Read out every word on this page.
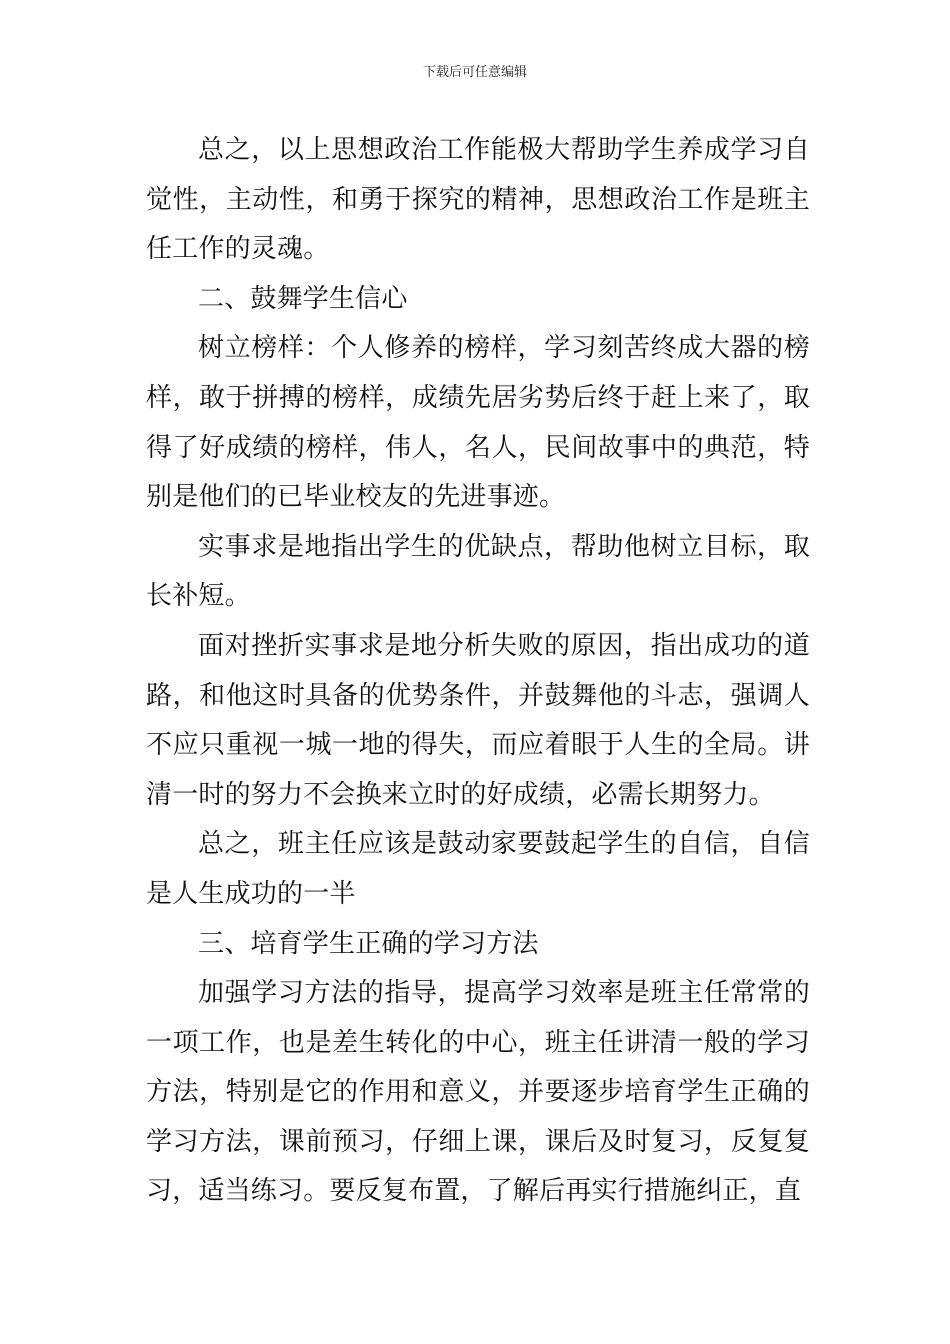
下载后可任意编辑

总之，以上思想政治工作能极大帮助学生养成学习自觉性，主动性，和勇于探究的精神，思想政治工作是班主任工作的灵魂。

二、鼓舞学生信心

树立榜样：个人修养的榜样，学习刻苦终成大器的榜样，敢于拼搏的榜样，成绩先居劣势后终于赶上来了，取得了好成绩的榜样，伟人，名人，民间故事中的典范，特别是他们的已毕业校友的先进事迹。

实事求是地指出学生的优缺点，帮助他树立目标，取长补短。

面对挫折实事求是地分析失败的原因，指出成功的道路，和他这时具备的优势条件，并鼓舞他的斗志，强调人不应只重视一城一地的得失，而应着眼于人生的全局。讲清一时的努力不会换来立时的好成绩，必需长期努力。

总之，班主任应该是鼓动家要鼓起学生的自信，自信是人生成功的一半

三、培育学生正确的学习方法

加强学习方法的指导，提高学习效率是班主任常常的一项工作，也是差生转化的中心，班主任讲清一般的学习方法，特别是它的作用和意义，并要逐步培育学生正确的学习方法，课前预习，仔细上课，课后及时复习，反复复习，适当练习。要反复布置，了解后再实行措施纠正，直
